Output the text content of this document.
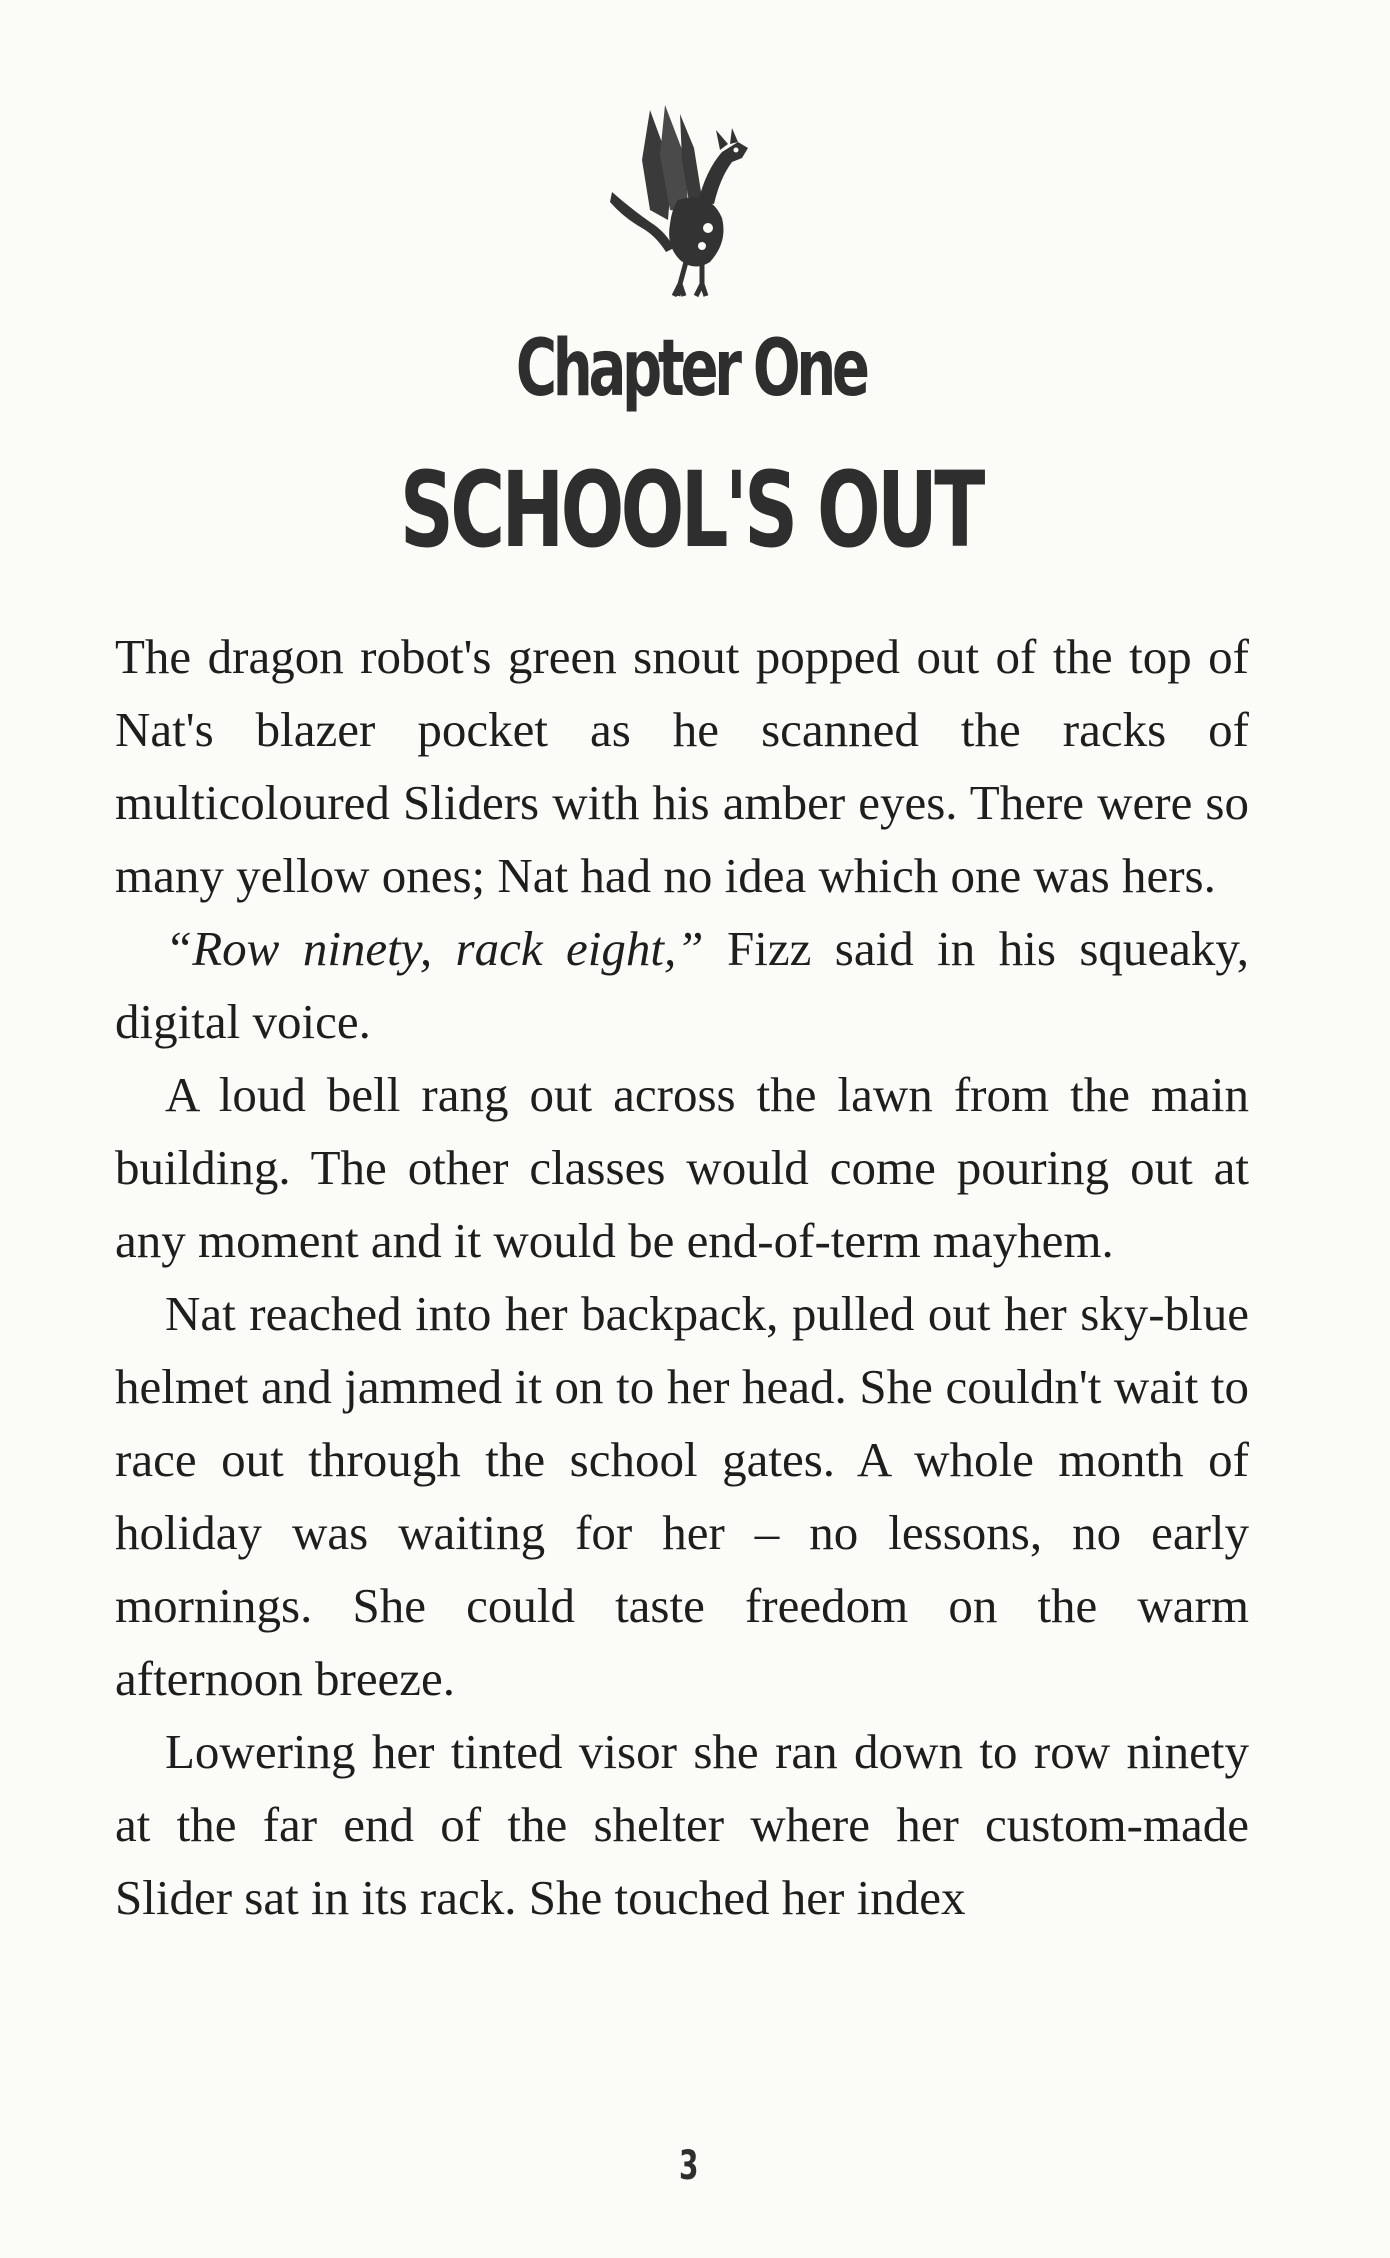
Chapter One
SCHOOL'S OUT

The dragon robot's green snout popped out of the top of Nat's blazer pocket as he scanned the racks of multicoloured Sliders with his amber eyes. There were so many yellow ones; Nat had no idea which one was hers.

“Row ninety, rack eight,” Fizz said in his squeaky, digital voice.

A loud bell rang out across the lawn from the main building. The other classes would come pouring out at any moment and it would be end-of-term mayhem.

Nat reached into her backpack, pulled out her sky-blue helmet and jammed it on to her head. She couldn't wait to race out through the school gates. A whole month of holiday was waiting for her – no lessons, no early mornings. She could taste freedom on the warm afternoon breeze.

Lowering her tinted visor she ran down to row ninety at the far end of the shelter where her custom-made Slider sat in its rack. She touched her index

3
